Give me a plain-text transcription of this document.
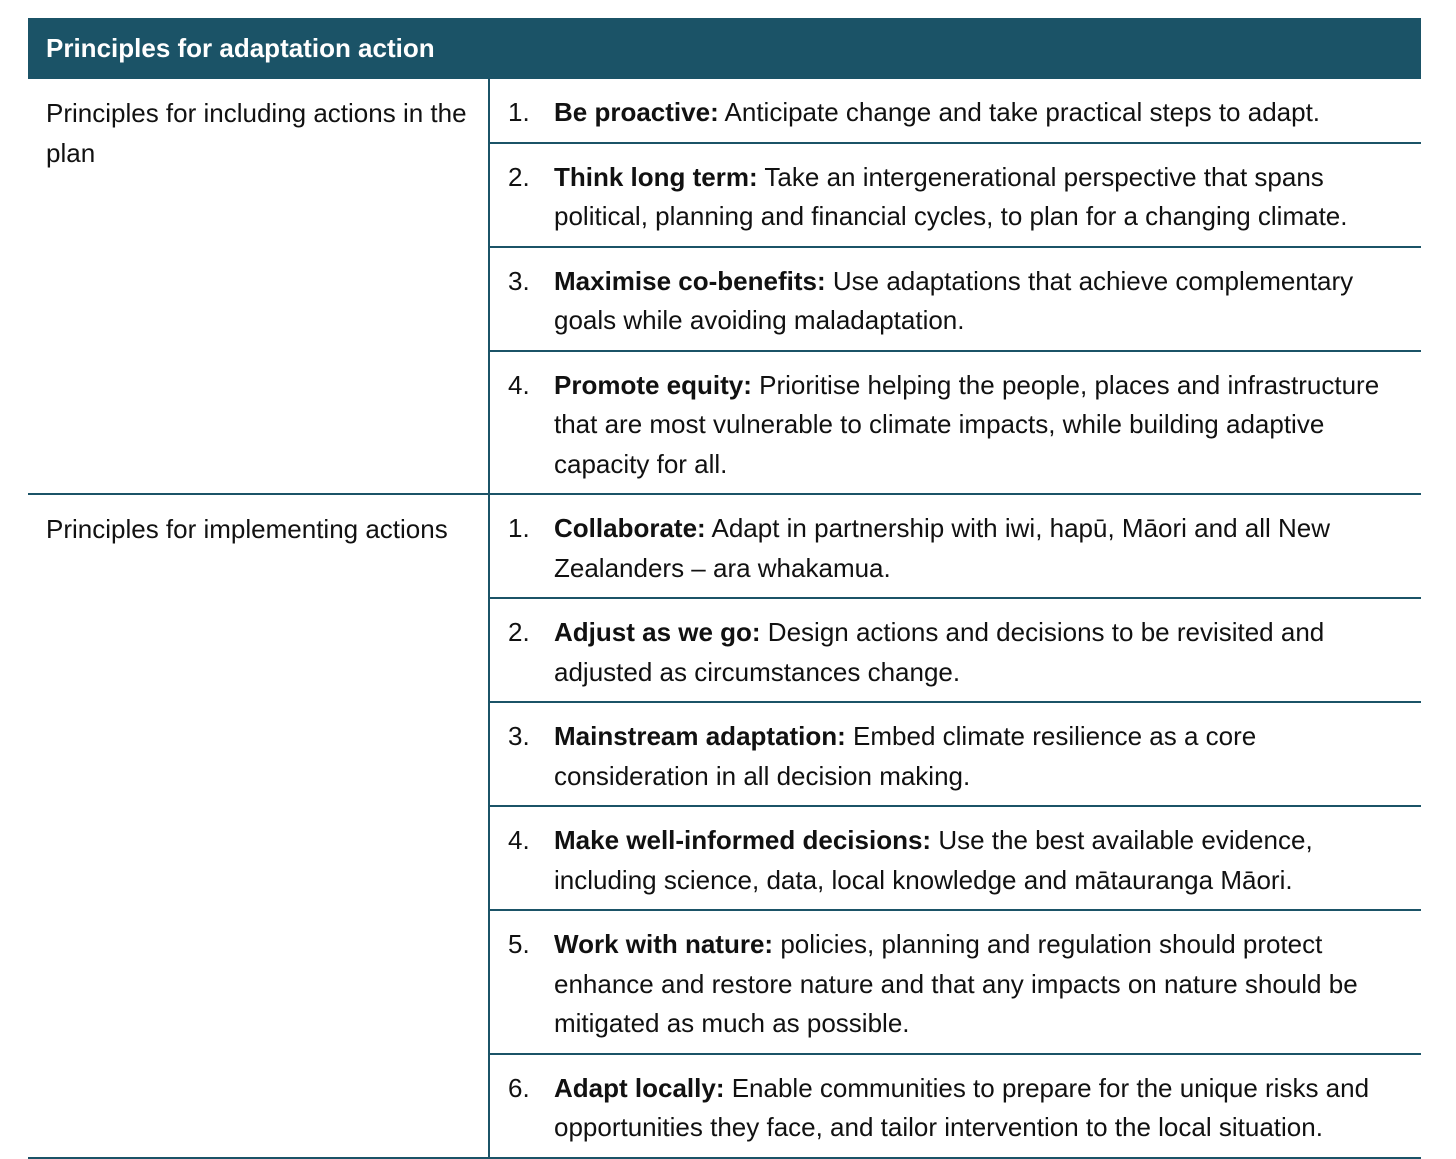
Principles for adaptation action
Principles for including actions in the plan
1. Be proactive: Anticipate change and take practical steps to adapt.
2. Think long term: Take an intergenerational perspective that spans political, planning and financial cycles, to plan for a changing climate.
3. Maximise co-benefits: Use adaptations that achieve complementary goals while avoiding maladaptation.
4. Promote equity: Prioritise helping the people, places and infrastructure that are most vulnerable to climate impacts, while building adaptive capacity for all.
Principles for implementing actions	1. Collaborate: Adapt in partnership with iwi, hapū, Māori and all New Zealanders – ara whakamua.
2. Adjust as we go: Design actions and decisions to be revisited and adjusted as circumstances change.
3. Mainstream adaptation: Embed climate resilience as a core consideration in all decision making.
4. Make well-informed decisions: Use the best available evidence, including science, data, local knowledge and mātauranga Māori.
5. Work with nature: policies, planning and regulation should protect enhance and restore nature and that any impacts on nature should be mitigated as much as possible.
6. Adapt locally: Enable communities to prepare for the unique risks and opportunities they face, and tailor intervention to the local situation.
